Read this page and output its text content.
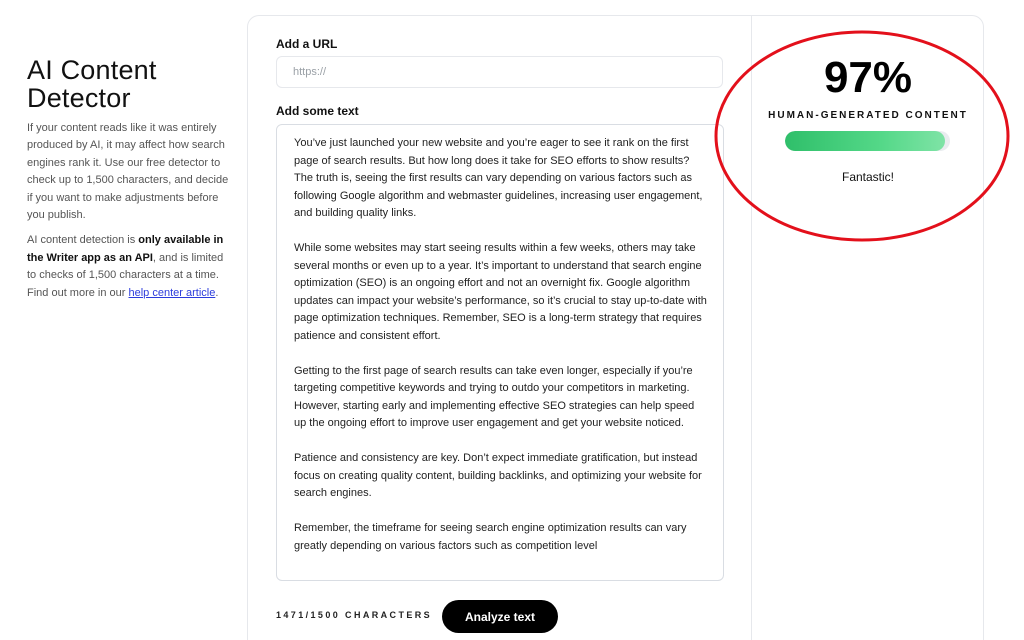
AI Content Detector

If your content reads like it was entirely produced by AI, it may affect how search engines rank it. Use our free detector to check up to 1,500 characters, and decide if you want to make adjustments before you publish.

AI content detection is only available in the Writer app as an API, and is limited to checks of 1,500 characters at a time. Find out more in our help center article.

Add a URL
https://
Add some text

You’ve just launched your new website and you’re eager to see it rank on the first page of search results. But how long does it take for SEO efforts to show results? The truth is, seeing the first results can vary depending on various factors such as following Google algorithm and webmaster guidelines, increasing user engagement, and building quality links.

While some websites may start seeing results within a few weeks, others may take several months or even up to a year. It’s important to understand that search engine optimization (SEO) is an ongoing effort and not an overnight fix. Google algorithm updates can impact your website’s performance, so it’s crucial to stay up-to-date with page optimization techniques. Remember, SEO is a long-term strategy that requires patience and consistent effort.

Getting to the first page of search results can take even longer, especially if you’re targeting competitive keywords and trying to outdo your competitors in marketing. However, starting early and implementing effective SEO strategies can help speed up the ongoing effort to improve user engagement and get your website noticed.

Patience and consistency are key. Don’t expect immediate gratification, but instead focus on creating quality content, building backlinks, and optimizing your website for search engines.

Remember, the timeframe for seeing search engine optimization results can vary greatly depending on various factors such as competition level

1471/1500 CHARACTERS	Analyze text
97%
HUMAN-GENERATED CONTENT
Fantastic!
